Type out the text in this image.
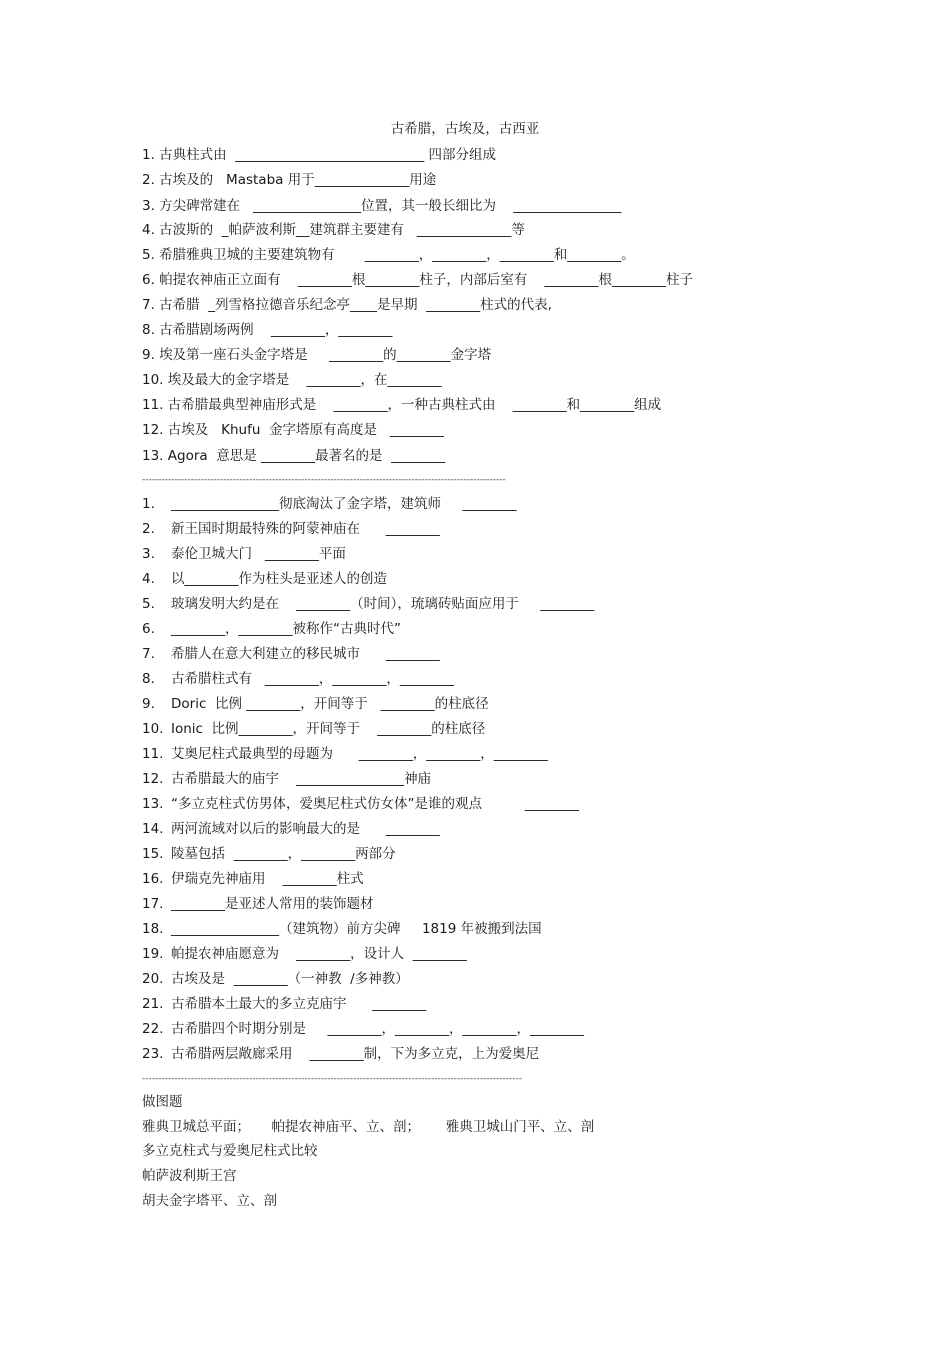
古希腊，古埃及，古西亚
1. 古典柱式由  ____________________________ 四部分组成
2. 古埃及的   Mastaba 用于______________用途
3. 方尖碑常建在   ________________位置，其一般长细比为    ________________
4. 古波斯的  _帕萨波利斯__建筑群主要建有   ______________等
5. 希腊雅典卫城的主要建筑物有       ________，________，________和________。
6. 帕提农神庙正立面有    ________根________柱子，内部后室有    ________根________柱子
7. 古希腊  _列雪格拉德音乐纪念亭____是早期  ________柱式的代表,
8. 古希腊剧场两例    ________，________
9. 埃及第一座石头金字塔是     ________的________金字塔
10. 埃及最大的金字塔是    ________，在________
11. 古希腊最典型神庙形式是    ________，一种古典柱式由    ________和________组成
12. 古埃及   Khufu  金字塔原有高度是   ________
13. Agora  意思是 ________最著名的是  ________
----------------------------------------------------------------------------------------------------------------
1. ________________彻底淘汰了金字塔，建筑师     ________
2. 新王国时期最特殊的阿蒙神庙在      ________
3. 泰伦卫城大门   ________平面
4. 以________作为柱头是亚述人的创造
5. 玻璃发明大约是在    ________（时间），琉璃砖贴面应用于     ________
6. ________，________被称作“古典时代”
7. 希腊人在意大利建立的移民城市      ________
8. 古希腊柱式有   ________，________，________
9. Doric  比例 ________，开间等于   ________的柱底径
10. Ionic  比例________，开间等于    ________的柱底径
11. 艾奥尼柱式最典型的母题为      ________，________，________
12. 古希腊最大的庙宇    ________________神庙
13. “多立克柱式仿男体，爱奥尼柱式仿女体”是谁的观点          ________
14. 两河流域对以后的影响最大的是      ________
15. 陵墓包括  ________，________两部分
16. 伊瑞克先神庙用    ________柱式
17. ________是亚述人常用的装饰题材
18. ________________（建筑物）前方尖碑     1819 年被搬到法国
19. 帕提农神庙愿意为    ________，设计人  ________
20. 古埃及是  ________（一神教  /多神教）
21. 古希腊本土最大的多立克庙宇      ________
22. 古希腊四个时期分别是     ________，________，________，________
23. 古希腊两层敞廊采用    ________制，下为多立克，上为爱奥尼
---------------------------------------------------------------------------------------------------------------------
做图题
雅典卫城总平面；     帕提农神庙平、立、剖；      雅典卫城山门平、立、剖
多立克柱式与爱奥尼柱式比较
帕萨波利斯王宫
胡夫金字塔平、立、剖
